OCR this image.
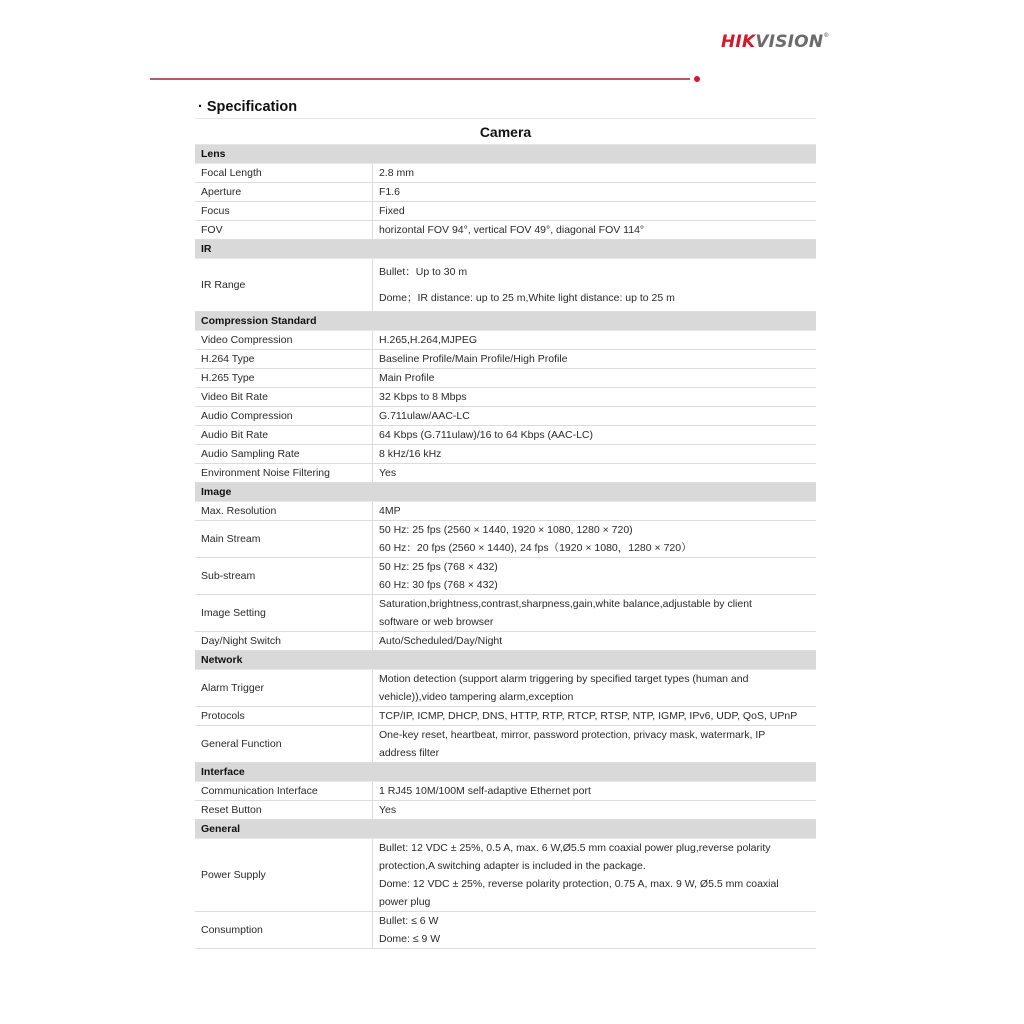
HIKVISION®
· Specification
Camera	
Lens	
Focal Length	2.8 mm

Aperture	F1.6

Focus	Fixed

FOV	horizontal FOV 94°, vertical FOV 49°, diagonal FOV 114°

IR	
IR Range	Bullet：Up to 30 m
Dome；IR distance: up to 25 m,White light distance: up to 25 m

Compression Standard	
Video Compression	H.265,H.264,MJPEG

H.264 Type	Baseline Profile/Main Profile/High Profile

H.265 Type	Main Profile

Video Bit Rate	32 Kbps to 8 Mbps

Audio Compression	G.711ulaw/AAC-LC

Audio Bit Rate	64 Kbps (G.711ulaw)/16 to 64 Kbps (AAC-LC)

Audio Sampling Rate	8 kHz/16 kHz

Environment Noise Filtering	Yes

Image	
Max. Resolution	4MP

Main Stream	50 Hz: 25 fps (2560 × 1440, 1920 × 1080, 1280 × 720)
60 Hz：20 fps (2560 × 1440), 24 fps（1920 × 1080，1280 × 720）

Sub-stream	50 Hz: 25 fps (768 × 432)
60 Hz: 30 fps (768 × 432)

Image Setting	Saturation,brightness,contrast,sharpness,gain,white balance,adjustable by client
software or web browser

Day/Night Switch	Auto/Scheduled/Day/Night

Network	
Alarm Trigger	Motion detection (support alarm triggering by specified target types (human and
vehicle)),video tampering alarm,exception

Protocols	TCP/IP, ICMP, DHCP, DNS, HTTP, RTP, RTCP, RTSP, NTP, IGMP, IPv6, UDP, QoS, UPnP

General Function	One-key reset, heartbeat, mirror, password protection, privacy mask, watermark, IP
address filter

Interface	
Communication Interface	1 RJ45 10M/100M self-adaptive Ethernet port

Reset Button	Yes

General	
Power Supply	Bullet: 12 VDC ± 25%, 0.5 A, max. 6 W,Ø5.5 mm coaxial power plug,reverse polarity
protection,A switching adapter is included in the package.
Dome: 12 VDC ± 25%, reverse polarity protection, 0.75 A, max. 9 W, Ø5.5 mm coaxial
power plug

Consumption	Bullet: ≤ 6 W
Dome: ≤ 9 W
